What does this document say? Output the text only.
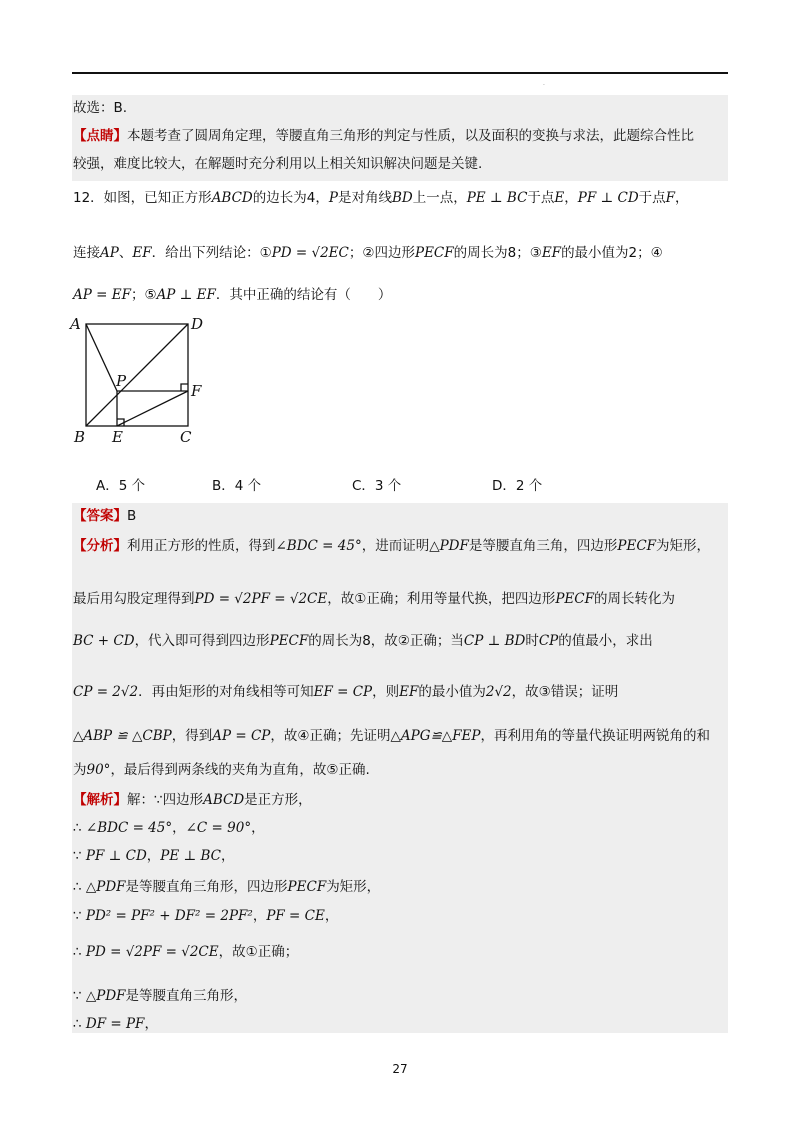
·
故选：B.
【点睛】本题考查了圆周角定理，等腰直角三角形的判定与性质，以及面积的变换与求法，此题综合性比
较强，难度比较大，在解题时充分利用以上相关知识解决问题是关键.
12．如图，已知正方形ABCD的边长为4，P是对角线BD上一点，PE ⊥ BC于点E，PF ⊥ CD于点F，
连接AP、EF．给出下列结论：①PD = √2EC；②四边形PECF的周长为8；③EF的最小值为2；④
AP = EF；⑤AP ⊥ EF．其中正确的结论有（　　）
A	D
P
F
B E	C
A．5 个	B．4 个	C．3 个	D．2 个
【答案】B
【分析】利用正方形的性质，得到∠BDC = 45°，进而证明△PDF是等腰直角三角，四边形PECF为矩形，
最后用勾股定理得到PD = √2PF = √2CE，故①正确；利用等量代换，把四边形PECF的周长转化为
BC + CD，代入即可得到四边形PECF的周长为8，故②正确；当CP ⊥ BD时CP的值最小，求出
CP = 2√2．再由矩形的对角线相等可知EF = CP，则EF的最小值为2√2，故③错误；证明
△ABP ≌ △CBP，得到AP = CP，故④正确；先证明△APG≌△FEP，再利用角的等量代换证明两锐角的和
为90°，最后得到两条线的夹角为直角，故⑤正确.
【解析】解：∵四边形ABCD是正方形，
∴ ∠BDC = 45°，∠C = 90°，
∵ PF ⊥ CD，PE ⊥ BC，
∴ △PDF是等腰直角三角形，四边形PECF为矩形，
∵ PD² = PF² + DF² = 2PF²，PF = CE，
∴ PD = √2PF = √2CE，故①正确；
∵ △PDF是等腰直角三角形，
∴ DF = PF，
27
